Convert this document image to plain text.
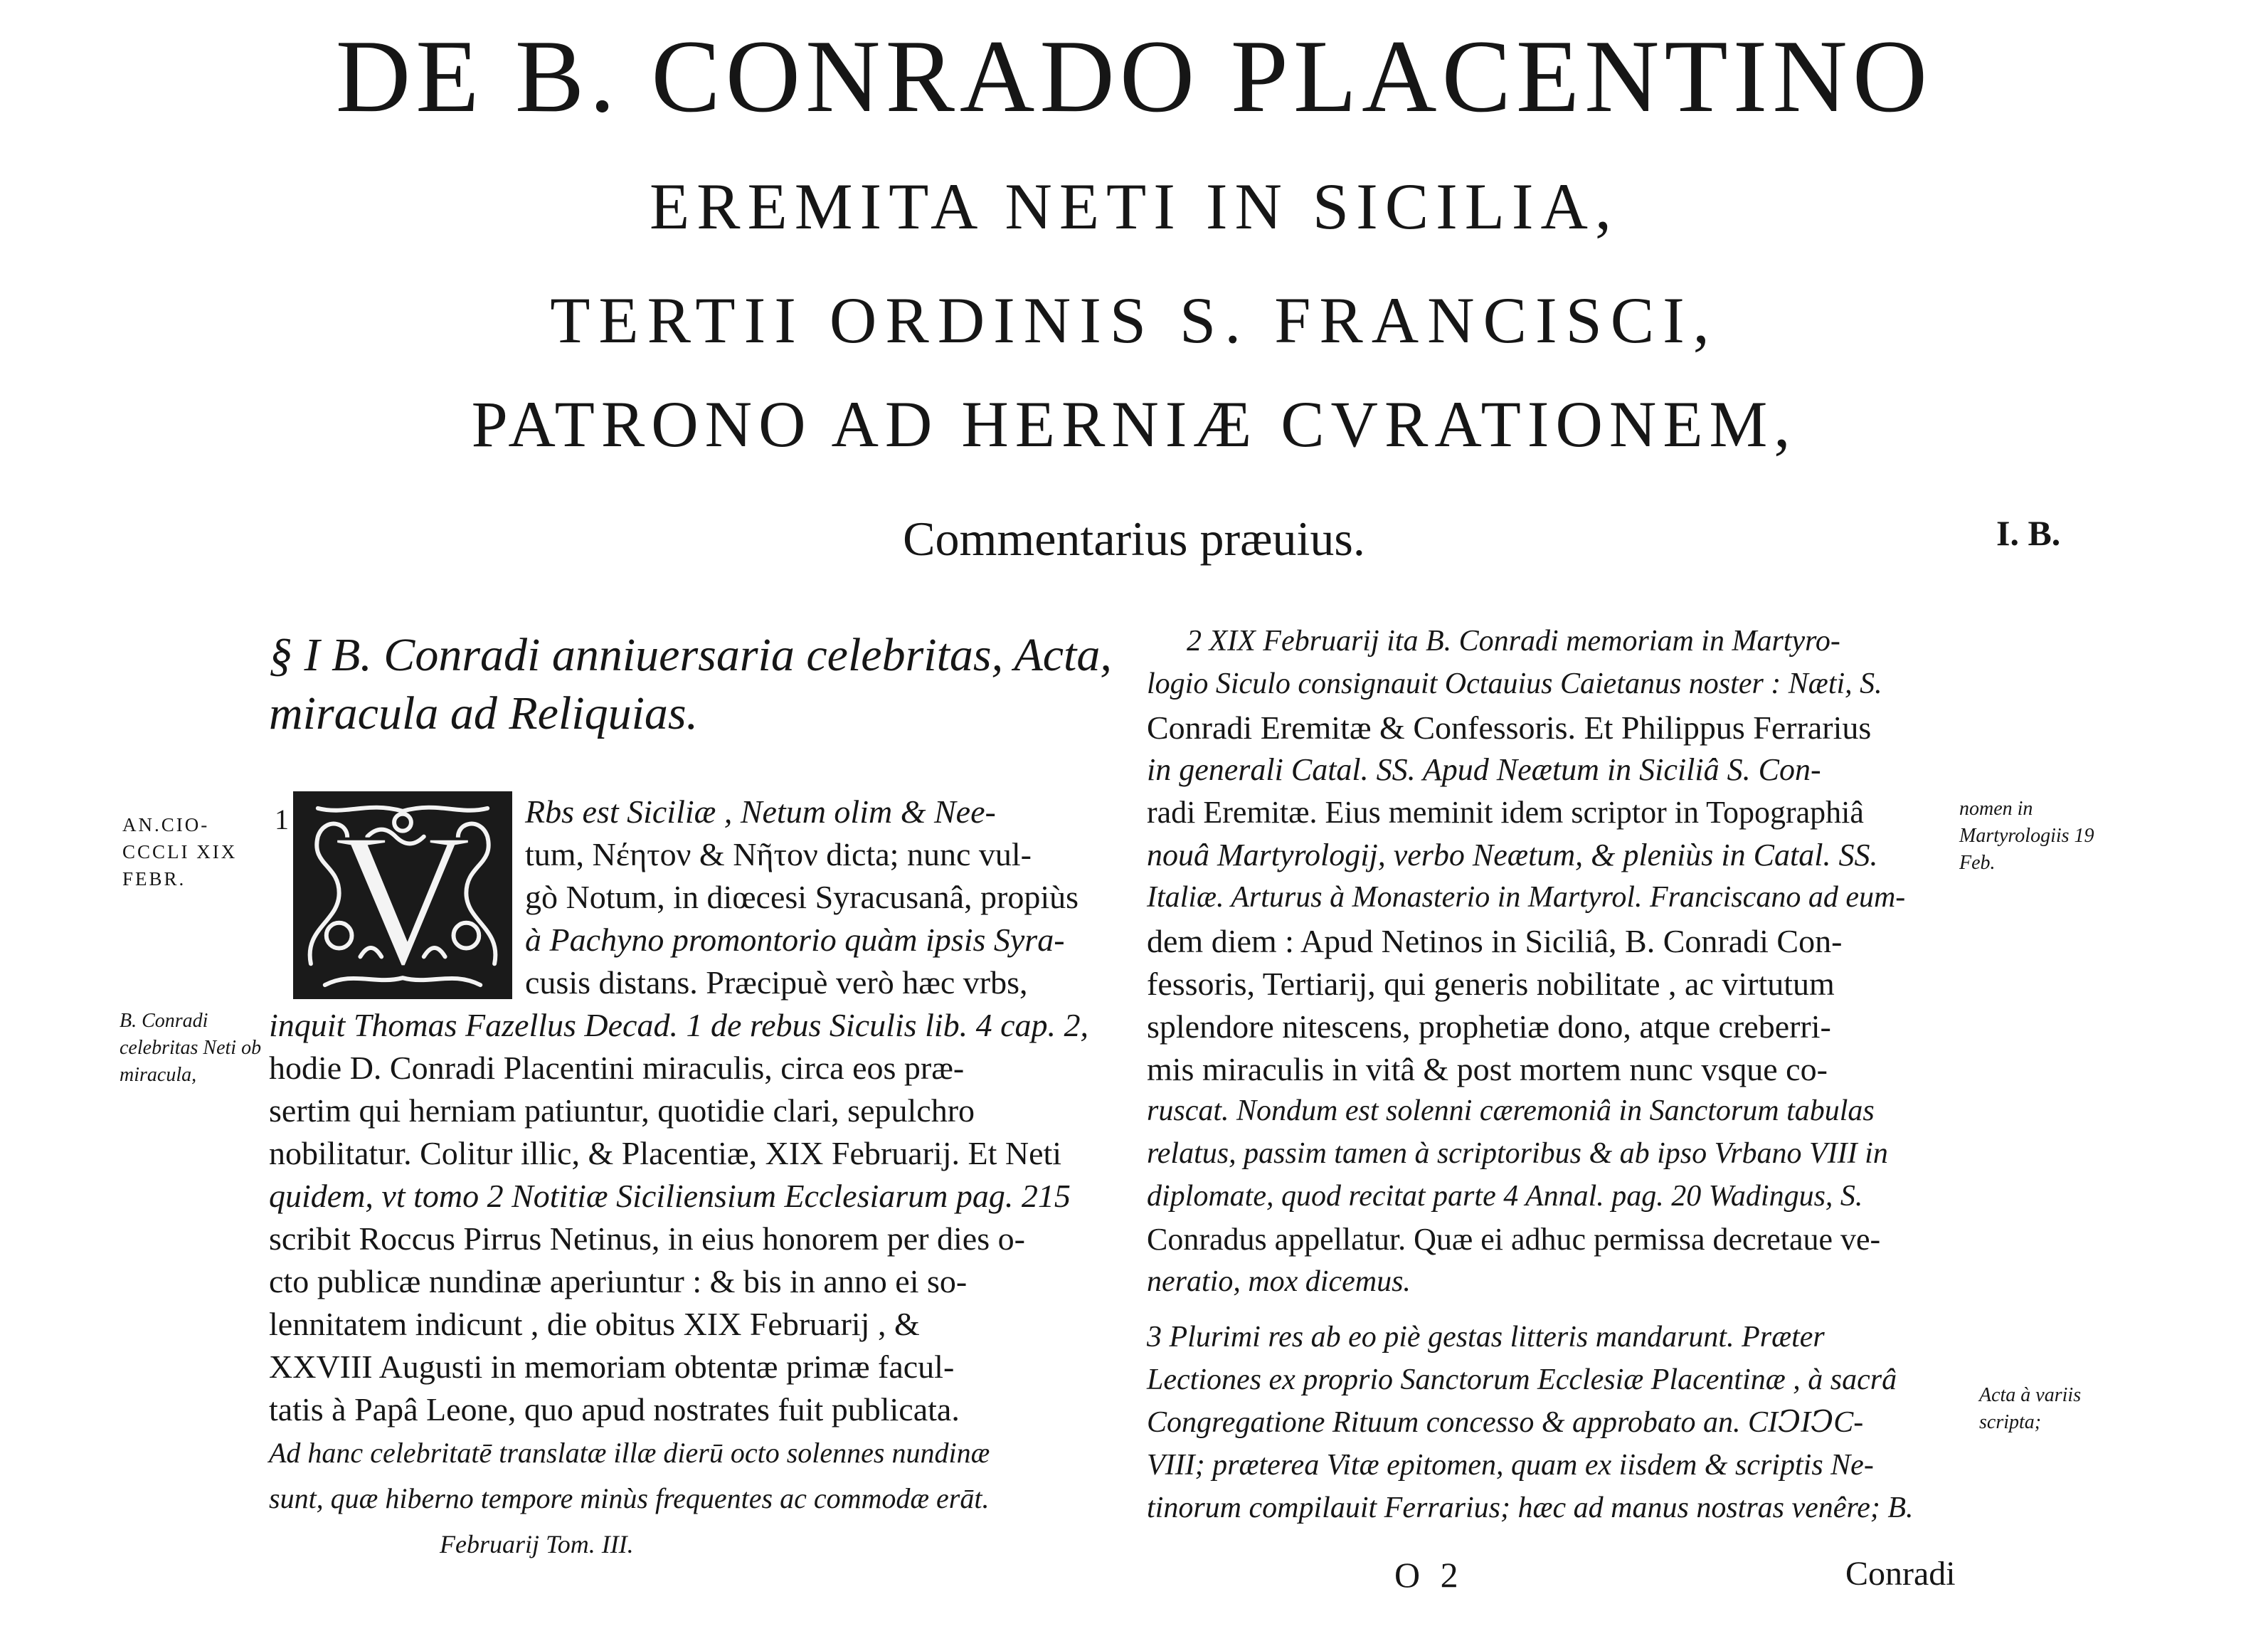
DE B. CONRADO PLACENTINO
EREMITA NETI IN SICILIA,
TERTII ORDINIS S. FRANCISCI,
PATRONO AD HERNIÆ CVRATIONEM,
Commentarius præuius.	I. B.
§ I B. Conradi anniuersaria celebritas, Acta, miracula ad Reliquias.
AN.CIO-CCCLI XIX FEBR.
B. Conradi celebritas Neti ob miracula,
nomen in Martyrologiis 19 Feb.
Acta à variis scripta;
1 V Rbs est Siciliæ , Netum olim & Nee-
tum, Νέητον & Νῆτον dicta; nunc vul-
gò Notum, in diœcesi Syracusanâ, propiùs
à Pachyno promontorio quàm ipsis Syra-
cusis distans. Præcipuè verò hæc vrbs,
inquit Thomas Fazellus Decad. 1 de rebus Siculis lib. 4 cap. 2,
hodie D. Conradi Placentini miraculis, circa eos præ-
sertim qui herniam patiuntur, quotidie clari, sepulchro
nobilitatur. Colitur illic, & Placentiæ, XIX Februarij. Et Neti
quidem, vt tomo 2 Notitiæ Siciliensium Ecclesiarum pag. 215
scribit Roccus Pirrus Netinus, in eius honorem per dies o-
cto publicæ nundinæ aperiuntur : & bis in anno ei so-
lennitatem indicunt , die obitus XIX Februarij , &
XXVIII Augusti in memoriam obtentæ primæ facul-
tatis à Papâ Leone, quo apud nostrates fuit publicata.
Ad hanc celebritatē translatæ illæ dierū octo solennes nundinæ
sunt, quæ hiberno tempore minùs frequentes ac commodæ erāt.
Februarij Tom. III.
2 XIX Februarij ita B. Conradi memoriam in Martyro-
logio Siculo consignauit Octauius Caietanus noster : Næti, S.
Conradi Eremitæ & Confessoris. Et Philippus Ferrarius
in generali Catal. SS. Apud Neætum in Siciliâ S. Con-
radi Eremitæ. Eius meminit idem scriptor in Topographiâ
nouâ Martyrologij, verbo Neætum, & pleniùs in Catal. SS.
Italiæ. Arturus à Monasterio in Martyrol. Franciscano ad eum-
dem diem : Apud Netinos in Siciliâ, B. Conradi Con-
fessoris, Tertiarij, qui generis nobilitate , ac virtutum
splendore nitescens, prophetiæ dono, atque creberri-
mis miraculis in vitâ & post mortem nunc vsque co-
ruscat. Nondum est solenni cæremoniâ in Sanctorum tabulas
relatus, passim tamen à scriptoribus & ab ipso Vrbano VIII in
diplomate, quod recitat parte 4 Annal. pag. 20 Wadingus, S.
Conradus appellatur. Quæ ei adhuc permissa decretaue ve-
neratio, mox dicemus.
3 Plurimi res ab eo piè gestas litteris mandarunt. Præter
Lectiones ex proprio Sanctorum Ecclesiæ Placentinæ , à sacrâ
Congregatione Rituum concesso & approbato an. CIↃIↃC-
VIII; præterea Vitæ epitomen, quam ex iisdem & scriptis Ne-
tinorum compilauit Ferrarius; hæc ad manus nostras venêre; B.
O 2	Conradi
